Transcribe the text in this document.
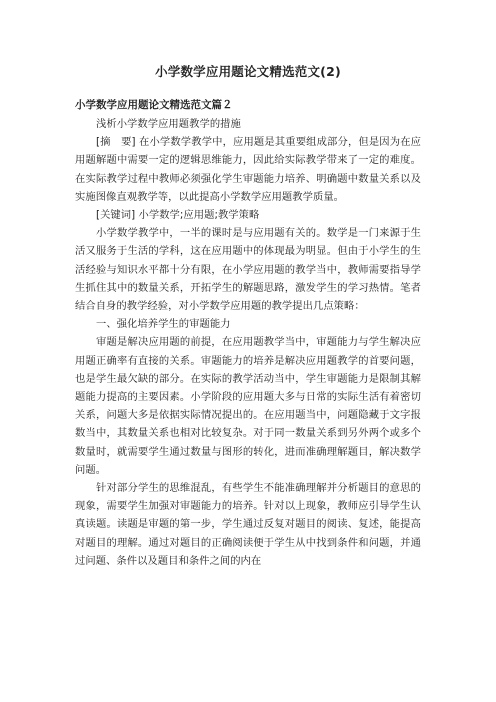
小学数学应用题论文精选范文(2)
小学数学应用题论文精选范文篇２

浅析小学数学应用题教学的措施

[摘　要] 在小学数学教学中，应用题是其重要组成部分，但是因为在应用题解题中需要一定的逻辑思维能力，因此给实际教学带来了一定的难度。在实际教学过程中教师必须强化学生审题能力培养、明确题中数量关系以及实施图像直观教学等，以此提高小学数学应用题教学质量。

[关键词] 小学数学;应用题;教学策略

小学数学教学中，一半的课时是与应用题有关的。数学是一门来源于生活又服务于生活的学科，这在应用题中的体现最为明显。但由于小学生的生活经验与知识水平都十分有限，在小学应用题的教学当中，教师需要指导学生抓住其中的数量关系，开拓学生的解题思路，激发学生的学习热情。笔者结合自身的教学经验，对小学数学应用题的教学提出几点策略：

一、强化培养学生的审题能力

审题是解决应用题的前提，在应用题教学当中，审题能力与学生解决应用题正确率有直接的关系。审题能力的培养是解决应用题教学的首要问题，也是学生最欠缺的部分。在实际的教学活动当中，学生审题能力是限制其解题能力提高的主要因素。小学阶段的应用题大多与日常的实际生活有着密切关系，问题大多是依据实际情况提出的。在应用题当中，问题隐藏于文字报数当中，其数量关系也相对比较复杂。对于同一数量关系到另外两个或多个数量时，就需要学生通过数量与图形的转化，进而准确理解题目，解决数学问题。

针对部分学生的思维混乱，有些学生不能准确理解并分析题目的意思的现象，需要学生加强对审题能力的培养。针对以上现象，教师应引导学生认真读题。读题是审题的第一步，学生通过反复对题目的阅读、复述，能提高对题目的理解。通过对题目的正确阅读便于学生从中找到条件和问题，并通过问题、条件以及题目和条件之间的内在
